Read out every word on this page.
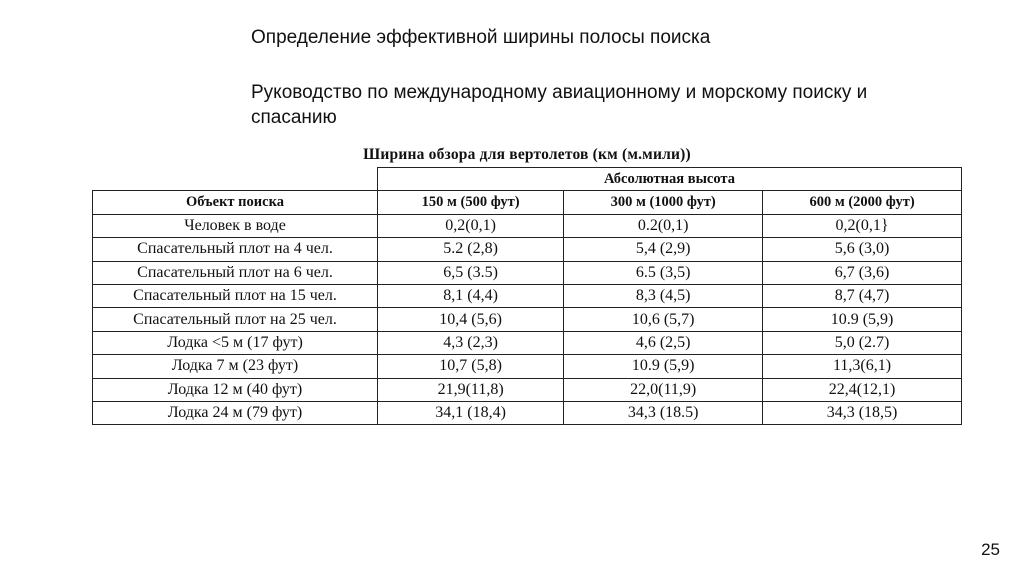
Определение эффективной ширины полосы поиска

Руководство по международному авиационному и морскому поиску и спасанию

Ширина обзора для вертолетов (км (м.мили))
	Абсолютная высота		
Объект поиска	150 м (500 фут)	300 м (1000 фут)	600 м (2000 фут)
Человек в воде	0,2(0,1)	0.2(0,1)	0,2(0,1}
Спасательный плот на 4 чел.	5.2 (2,8)	5,4 (2,9)	5,6 (3,0)
Спасательный плот на 6 чел.	6,5 (3.5)	6.5 (3,5)	6,7 (3,6)
Спасательный плот на 15 чел.	8,1 (4,4)	8,3 (4,5)	8,7 (4,7)
Спасательный плот на 25 чел.	10,4 (5,6)	10,6 (5,7)	10.9 (5,9)
Лодка <5 м (17 фут)	4,3 (2,3)	4,6 (2,5)	5,0 (2.7)
Лодка 7 м (23 фут)	10,7 (5,8)	10.9 (5,9)	11,3(6,1)
Лодка 12 м (40 фут)	21,9(11,8)	22,0(11,9)	22,4(12,1)
Лодка 24 м (79 фут)	34,1 (18,4)	34,3 (18.5)	34,3 (18,5)
25
